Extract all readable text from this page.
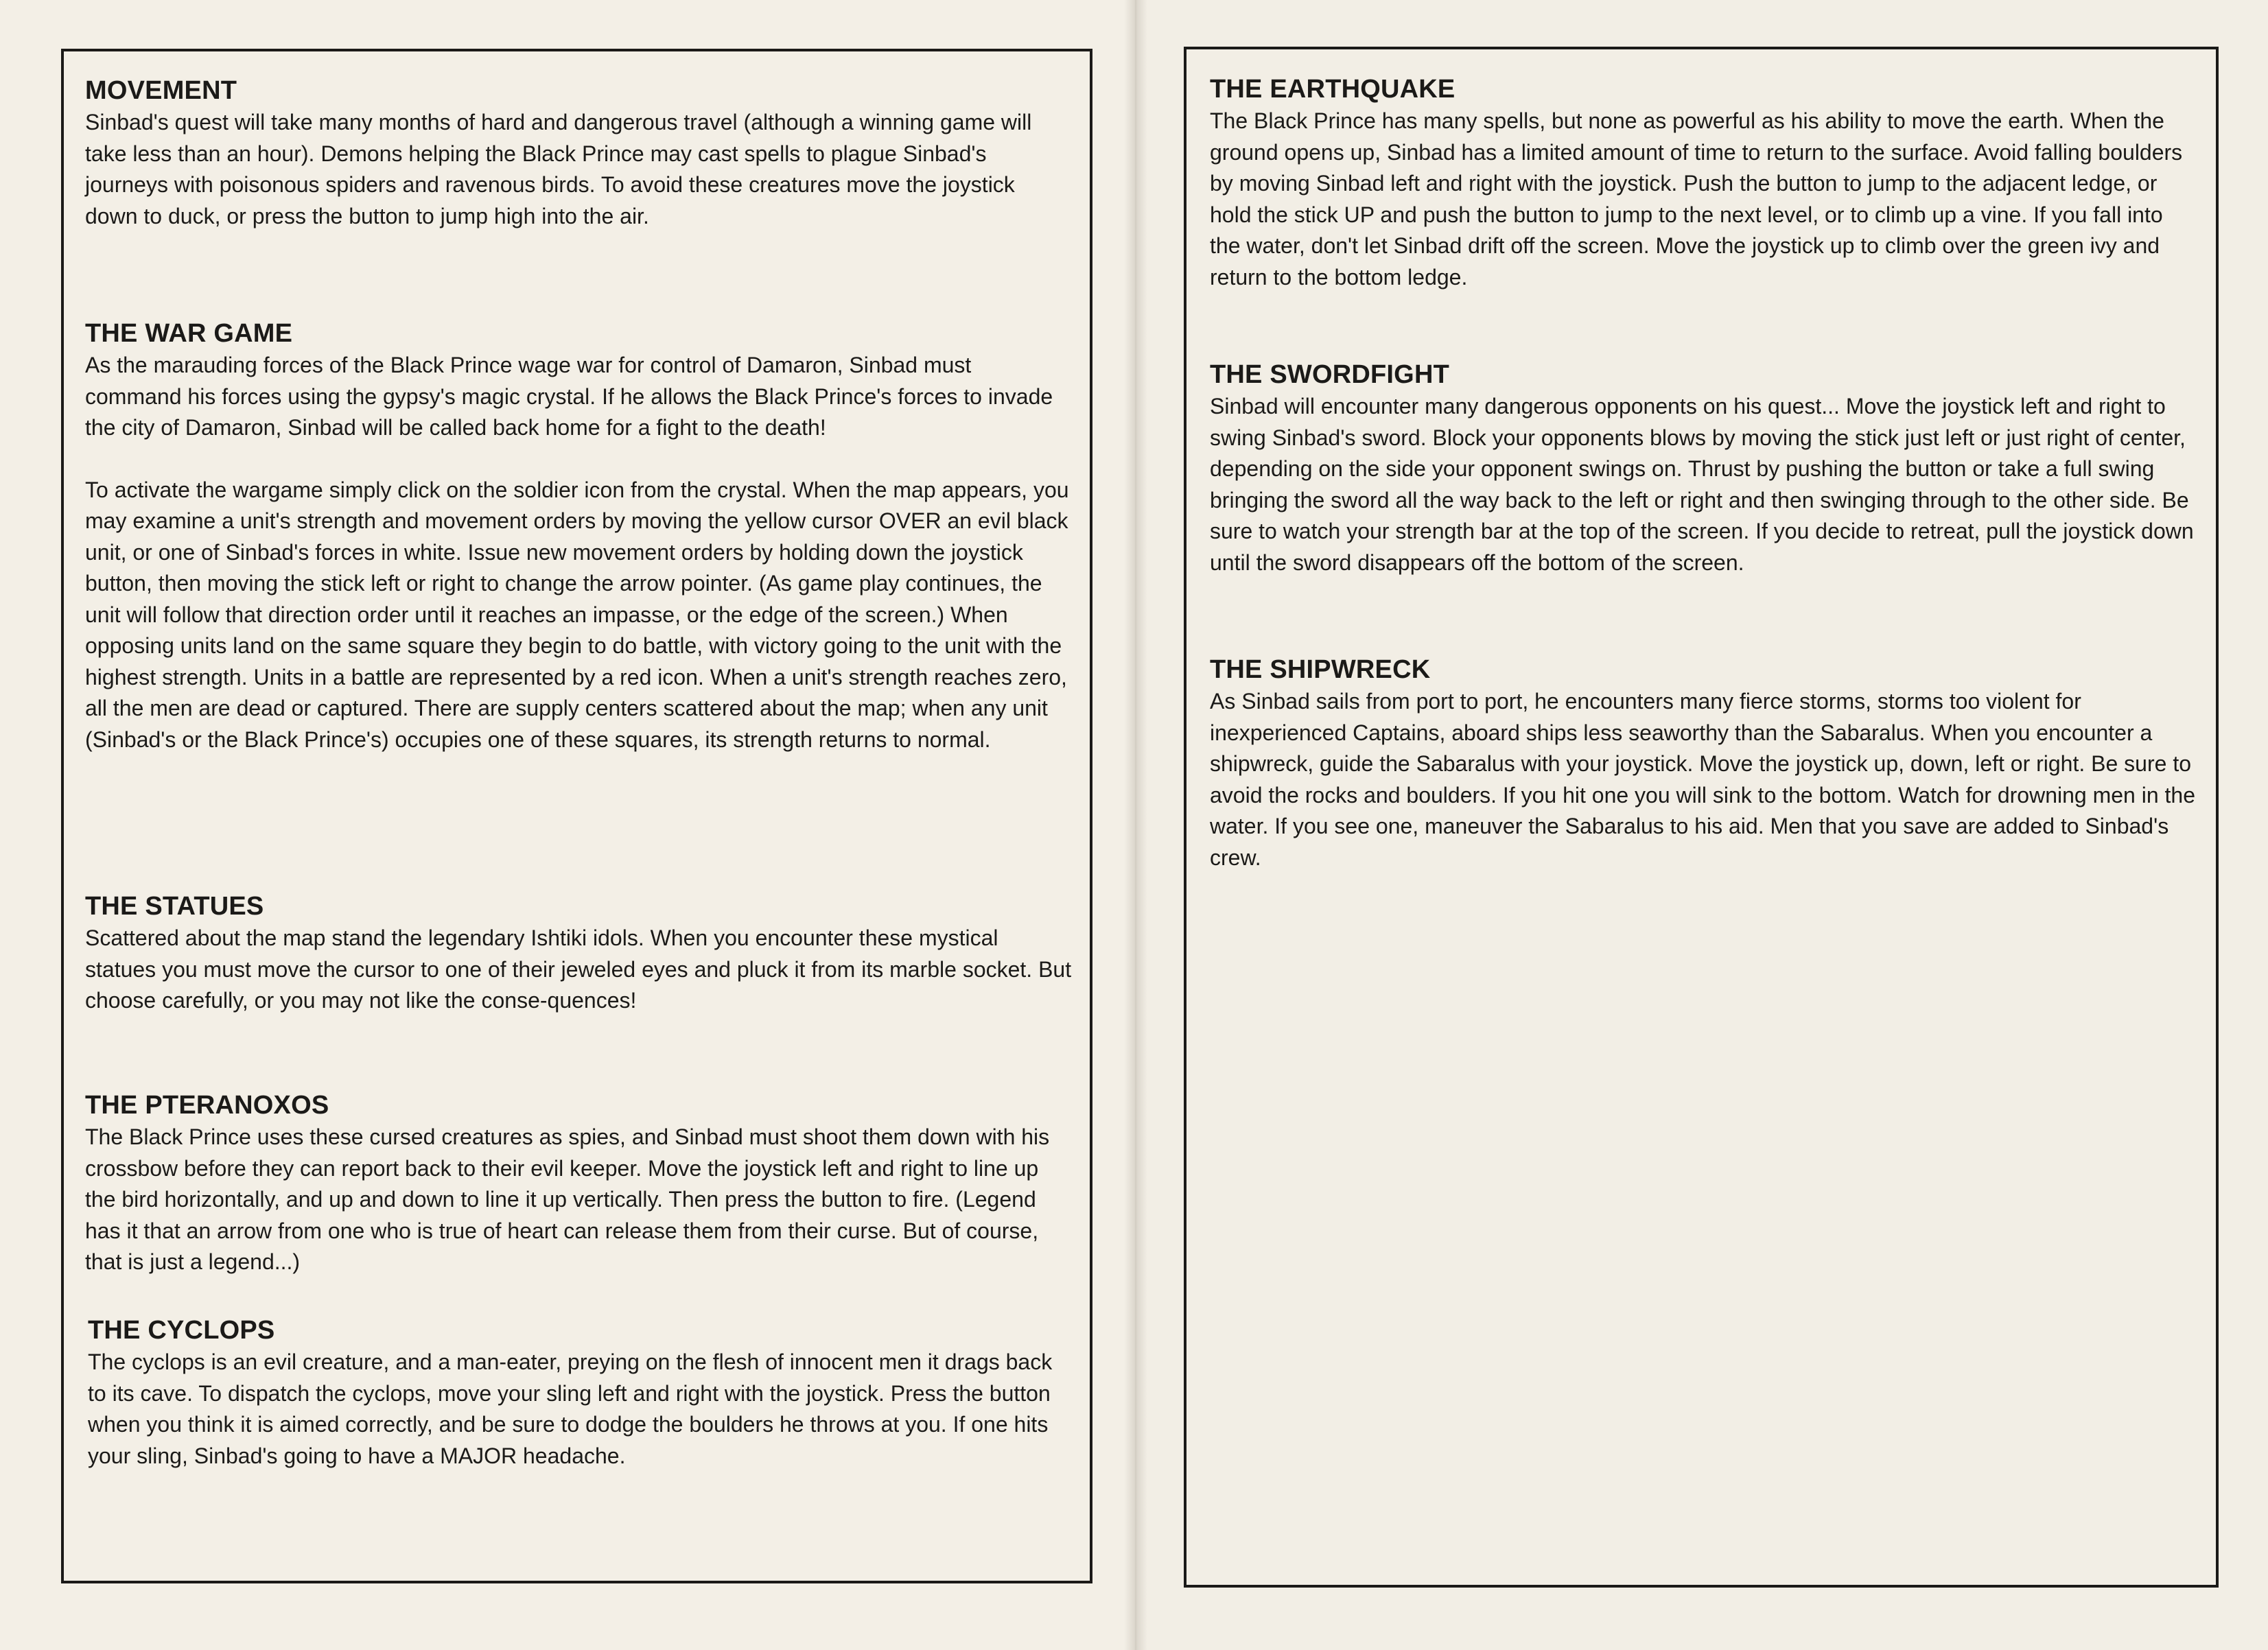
MOVEMENT

Sinbad's quest will take many months of hard and dangerous travel (although a winning game will take less than an hour). Demons helping the Black Prince may cast spells to plague Sinbad's journeys with poisonous spiders and ravenous birds. To avoid these creatures move the joystick down to duck, or press the button to jump high into the air.

THE WAR GAME

As the marauding forces of the Black Prince wage war for control of Damaron, Sinbad must command his forces using the gypsy's magic crystal. If he allows the Black Prince's forces to invade the city of Damaron, Sinbad will be called back home for a fight to the death!

To activate the wargame simply click on the soldier icon from the crystal. When the map appears, you may examine a unit's strength and movement orders by moving the yellow cursor OVER an evil black unit, or one of Sinbad's forces in white. Issue new movement orders by holding down the joystick button, then moving the stick left or right to change the arrow pointer. (As game play continues, the unit will follow that direction order until it reaches an impasse, or the edge of the screen.) When opposing units land on the same square they begin to do battle, with victory going to the unit with the highest strength. Units in a battle are represented by a red icon. When a unit's strength reaches zero, all the men are dead or captured. There are supply centers scattered about the map; when any unit (Sinbad's or the Black Prince's) occupies one of these squares, its strength returns to normal.

THE STATUES

Scattered about the map stand the legendary Ishtiki idols. When you encounter these mystical statues you must move the cursor to one of their jeweled eyes and pluck it from its marble socket. But choose carefully, or you may not like the conse-quences!

THE PTERANOXOS

The Black Prince uses these cursed creatures as spies, and Sinbad must shoot them down with his crossbow before they can report back to their evil keeper. Move the joystick left and right to line up the bird horizontally, and up and down to line it up vertically. Then press the button to fire. (Legend has it that an arrow from one who is true of heart can release them from their curse. But of course, that is just a legend...)

THE CYCLOPS

The cyclops is an evil creature, and a man-eater, preying on the flesh of innocent men it drags back to its cave. To dispatch the cyclops, move your sling left and right with the joystick. Press the button when you think it is aimed correctly, and be sure to dodge the boulders he throws at you. If one hits your sling, Sinbad's going to have a MAJOR headache.

THE EARTHQUAKE

The Black Prince has many spells, but none as powerful as his ability to move the earth. When the ground opens up, Sinbad has a limited amount of time to return to the surface. Avoid falling boulders by moving Sinbad left and right with the joystick. Push the button to jump to the adjacent ledge, or hold the stick UP and push the button to jump to the next level, or to climb up a vine. If you fall into the water, don't let Sinbad drift off the screen. Move the joystick up to climb over the green ivy and return to the bottom ledge.

THE SWORDFIGHT

Sinbad will encounter many dangerous opponents on his quest... Move the joystick left and right to swing Sinbad's sword. Block your opponents blows by moving the stick just left or just right of center, depending on the side your opponent swings on. Thrust by pushing the button or take a full swing bringing the sword all the way back to the left or right and then swinging through to the other side. Be sure to watch your strength bar at the top of the screen. If you decide to retreat, pull the joystick down until the sword disappears off the bottom of the screen.

THE SHIPWRECK

As Sinbad sails from port to port, he encounters many fierce storms, storms too violent for inexperienced Captains, aboard ships less seaworthy than the Sabaralus. When you encounter a shipwreck, guide the Sabaralus with your joystick. Move the joystick up, down, left or right. Be sure to avoid the rocks and boulders. If you hit one you will sink to the bottom. Watch for drowning men in the water. If you see one, maneuver the Sabaralus to his aid. Men that you save are added to Sinbad's crew.
